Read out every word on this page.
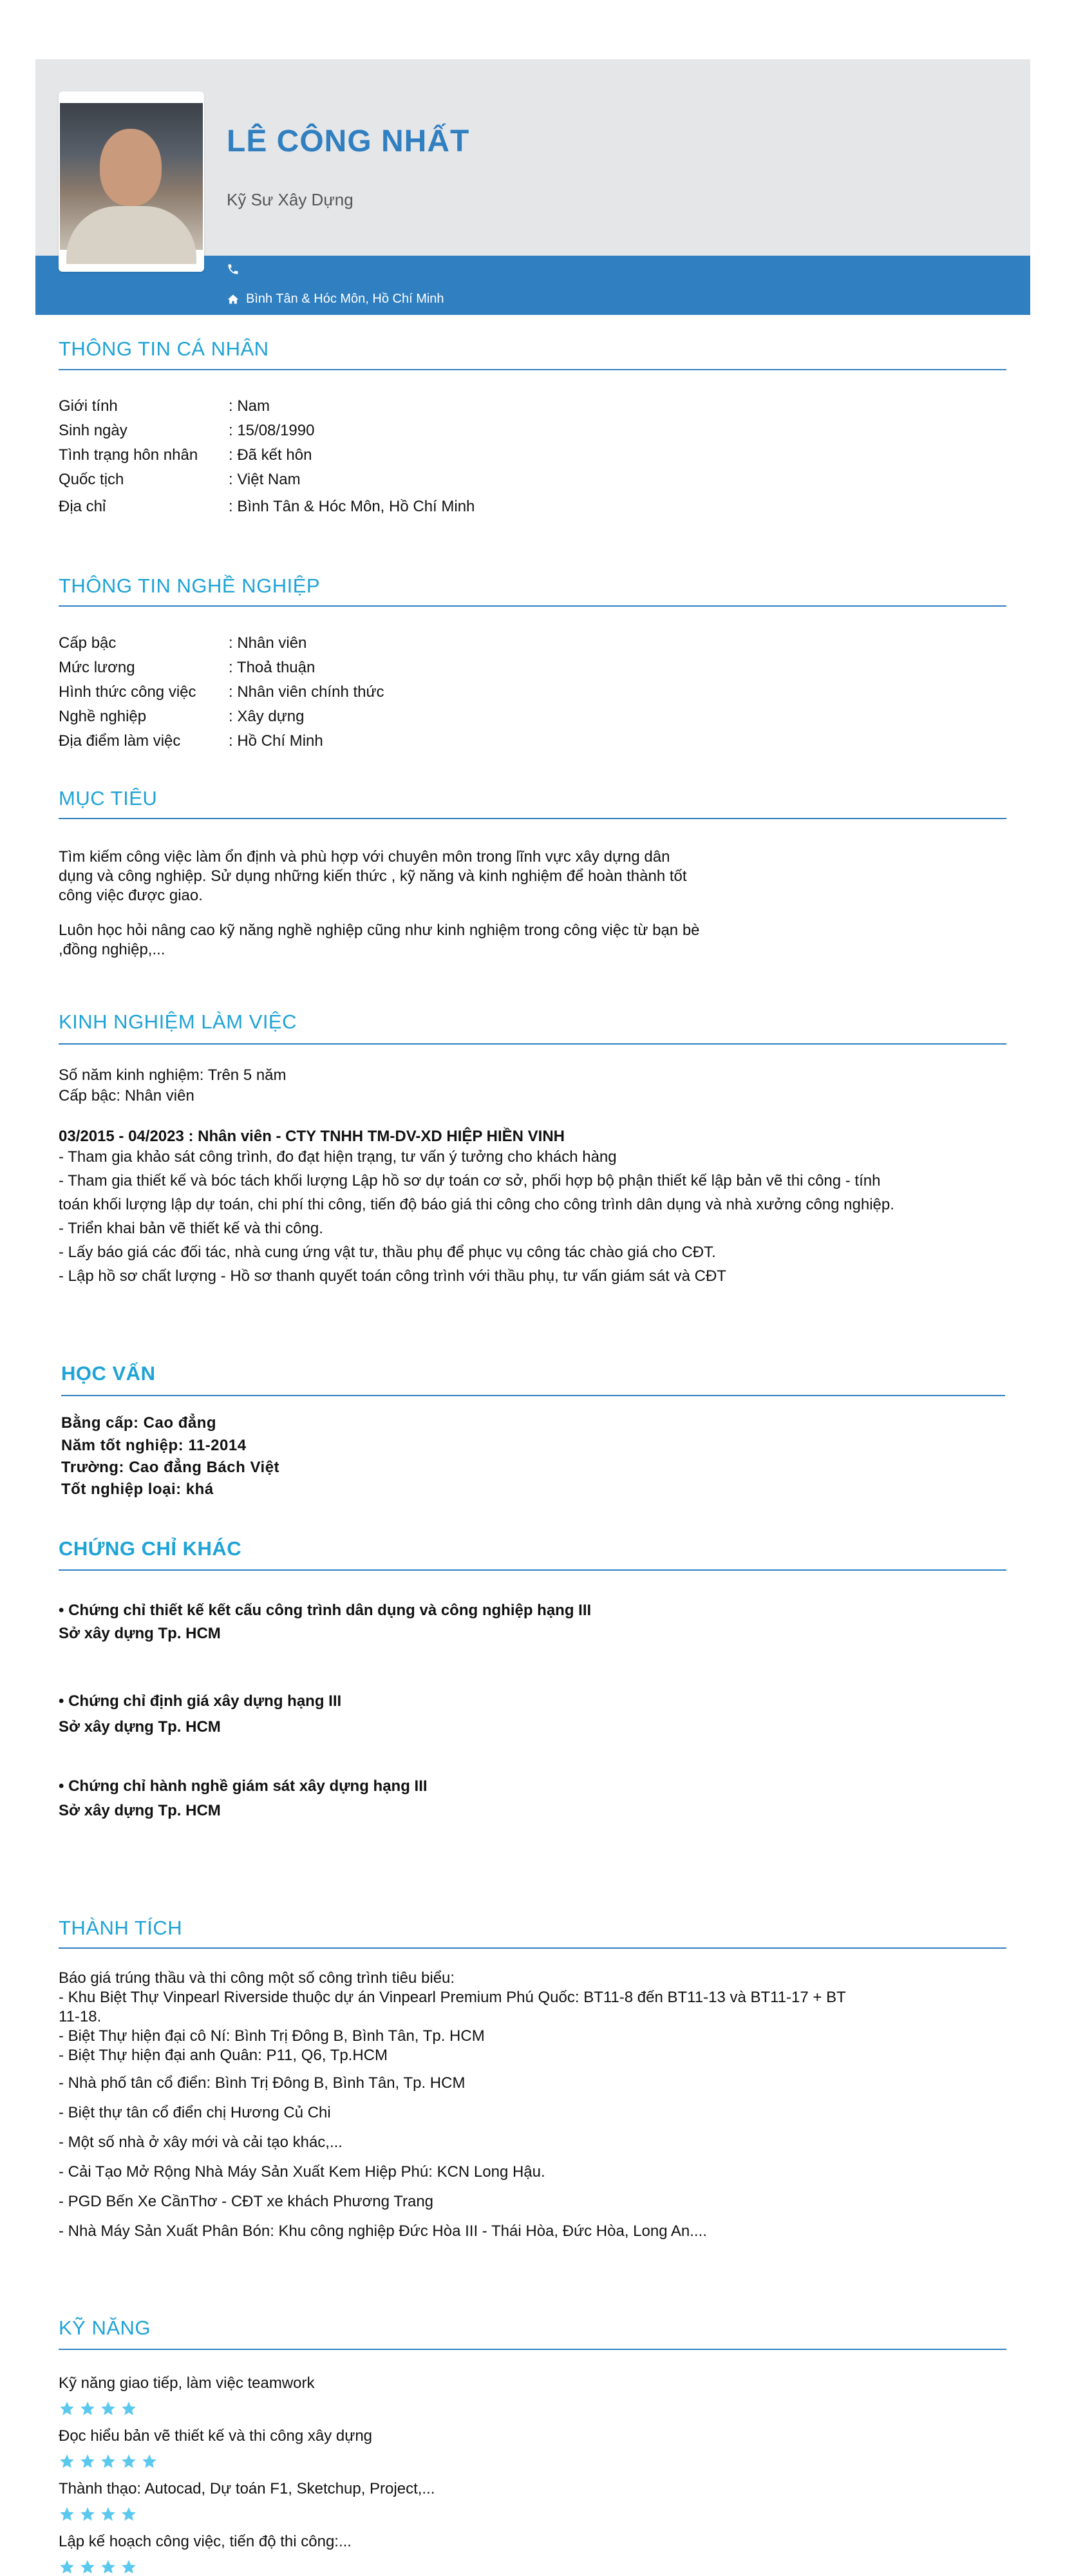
LÊ CÔNG NHẤT
Kỹ Sư Xây Dựng
Bình Tân & Hóc Môn, Hồ Chí Minh
THÔNG TIN CÁ NHÂN
Giới tính	: Nam
Sinh ngày	: 15/08/1990
Tình trạng hôn nhân : Đã kết hôn
Quốc tịch	: Việt Nam
Địa chỉ	: Bình Tân & Hóc Môn, Hồ Chí Minh
THÔNG TIN NGHỀ NGHIỆP
Cấp bậc	: Nhân viên
Mức lương	: Thoả thuận
Hình thức công việc : Nhân viên chính thức
Nghề nghiệp	: Xây dựng
Địa điểm làm việc	: Hồ Chí Minh
MỤC TIÊU
Tìm kiếm công việc làm ổn định và phù hợp với chuyên môn trong lĩnh vực xây dựng dân
dụng và công nghiệp. Sử dụng những kiến thức , kỹ năng và kinh nghiệm để hoàn thành tốt
công việc được giao.
Luôn học hỏi nâng cao kỹ năng nghề nghiệp cũng như kinh nghiệm trong công việc từ bạn bè
,đồng nghiệp,...
KINH NGHIỆM LÀM VIỆC
Số năm kinh nghiệm: Trên 5 năm
Cấp bậc: Nhân viên
03/2015 - 04/2023 : Nhân viên - CTY TNHH TM-DV-XD HIỆP HIỀN VINH
- Tham gia khảo sát công trình, đo đạt hiện trạng, tư vấn ý tưởng cho khách hàng
- Tham gia thiết kế và bóc tách khối lượng Lập hồ sơ dự toán cơ sở, phối hợp bộ phận thiết kế lập bản vẽ thi công - tính
toán khối lượng lập dự toán, chi phí thi công, tiến độ báo giá thi công cho công trình dân dụng và nhà xưởng công nghiệp.
- Triển khai bản vẽ thiết kế và thi công.
- Lấy báo giá các đối tác, nhà cung ứng vật tư, thầu phụ để phục vụ công tác chào giá cho CĐT.
- Lập hồ sơ chất lượng - Hồ sơ thanh quyết toán công trình với thầu phụ, tư vấn giám sát và CĐT
HỌC VẤN
Bằng cấp: Cao đẳng
Năm tốt nghiệp: 11-2014
Trường: Cao đẳng Bách Việt
Tốt nghiệp loại: khá
CHỨNG CHỈ KHÁC
• Chứng chỉ thiết kế kết cấu công trình dân dụng và công nghiệp hạng III
Sở xây dựng Tp. HCM
• Chứng chỉ định giá xây dựng hạng III
Sở xây dựng Tp. HCM
• Chứng chỉ hành nghề giám sát xây dựng hạng III
Sở xây dựng Tp. HCM
THÀNH TÍCH
Báo giá trúng thầu và thi công một số công trình tiêu biểu:
- Khu Biệt Thự Vinpearl Riverside thuộc dự án Vinpearl Premium Phú Quốc: BT11-8 đến BT11-13 và BT11-17 + BT
11-18.
- Biệt Thự hiện đại cô Ní: Bình Trị Đông B, Bình Tân, Tp. HCM
- Biệt Thự hiện đại anh Quân: P11, Q6, Tp.HCM
- Nhà phố tân cổ điển: Bình Trị Đông B, Bình Tân, Tp. HCM
- Biệt thự tân cổ điển chị Hương Củ Chi
- Một số nhà ở xây mới và cải tạo khác,...
- Cải Tạo Mở Rộng Nhà Máy Sản Xuất Kem Hiệp Phú: KCN Long Hậu.
- PGD Bến Xe CầnThơ - CĐT xe khách Phương Trang
- Nhà Máy Sản Xuất Phân Bón: Khu công nghiệp Đức Hòa III - Thái Hòa, Đức Hòa, Long An....
KỸ NĂNG
Kỹ năng giao tiếp, làm việc teamwork
Đọc hiểu bản vẽ thiết kế và thi công xây dựng
Thành thạo: Autocad, Dự toán F1, Sketchup, Project,...
Lập kế hoạch công việc, tiến độ thi công:...
